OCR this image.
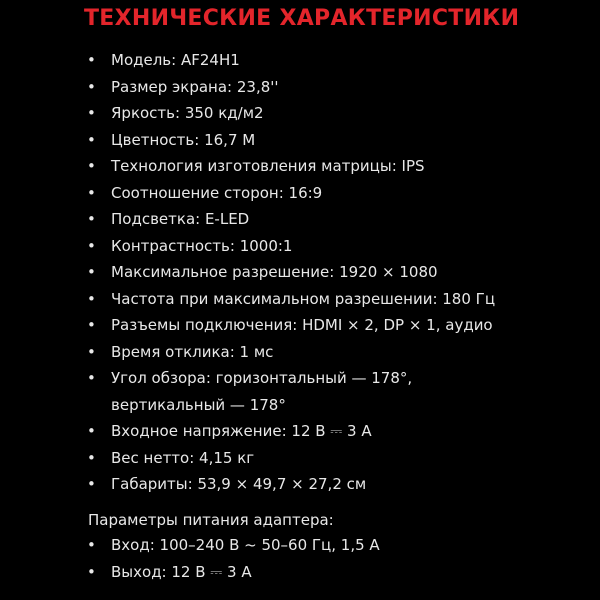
ТЕХНИЧЕСКИЕ ХАРАКТЕРИСТИКИ
• Модель: AF24H1
• Размер экрана: 23,8''
• Яркость: 350 кд/м2
• Цветность: 16,7 M
• Технология изготовления матрицы: IPS
• Соотношение сторон: 16:9
• Подсветка: E-LED
• Контрастность: 1000:1
• Максимальное разрешение: 1920 × 1080
• Частота при максимальном разрешении: 180 Гц
• Разъемы подключения: HDMI × 2, DP × 1, аудио
• Время отклика: 1 мс
• Угол обзора: горизонтальный — 178°,
вертикальный — 178°
• Входное напряжение: 12 В ⎓ 3 А
• Вес нетто: 4,15 кг
• Габариты: 53,9 × 49,7 × 27,2 см
Параметры питания адаптера:
• Вход: 100–240 В ~ 50–60 Гц, 1,5 А
• Выход: 12 В ⎓ 3 А
